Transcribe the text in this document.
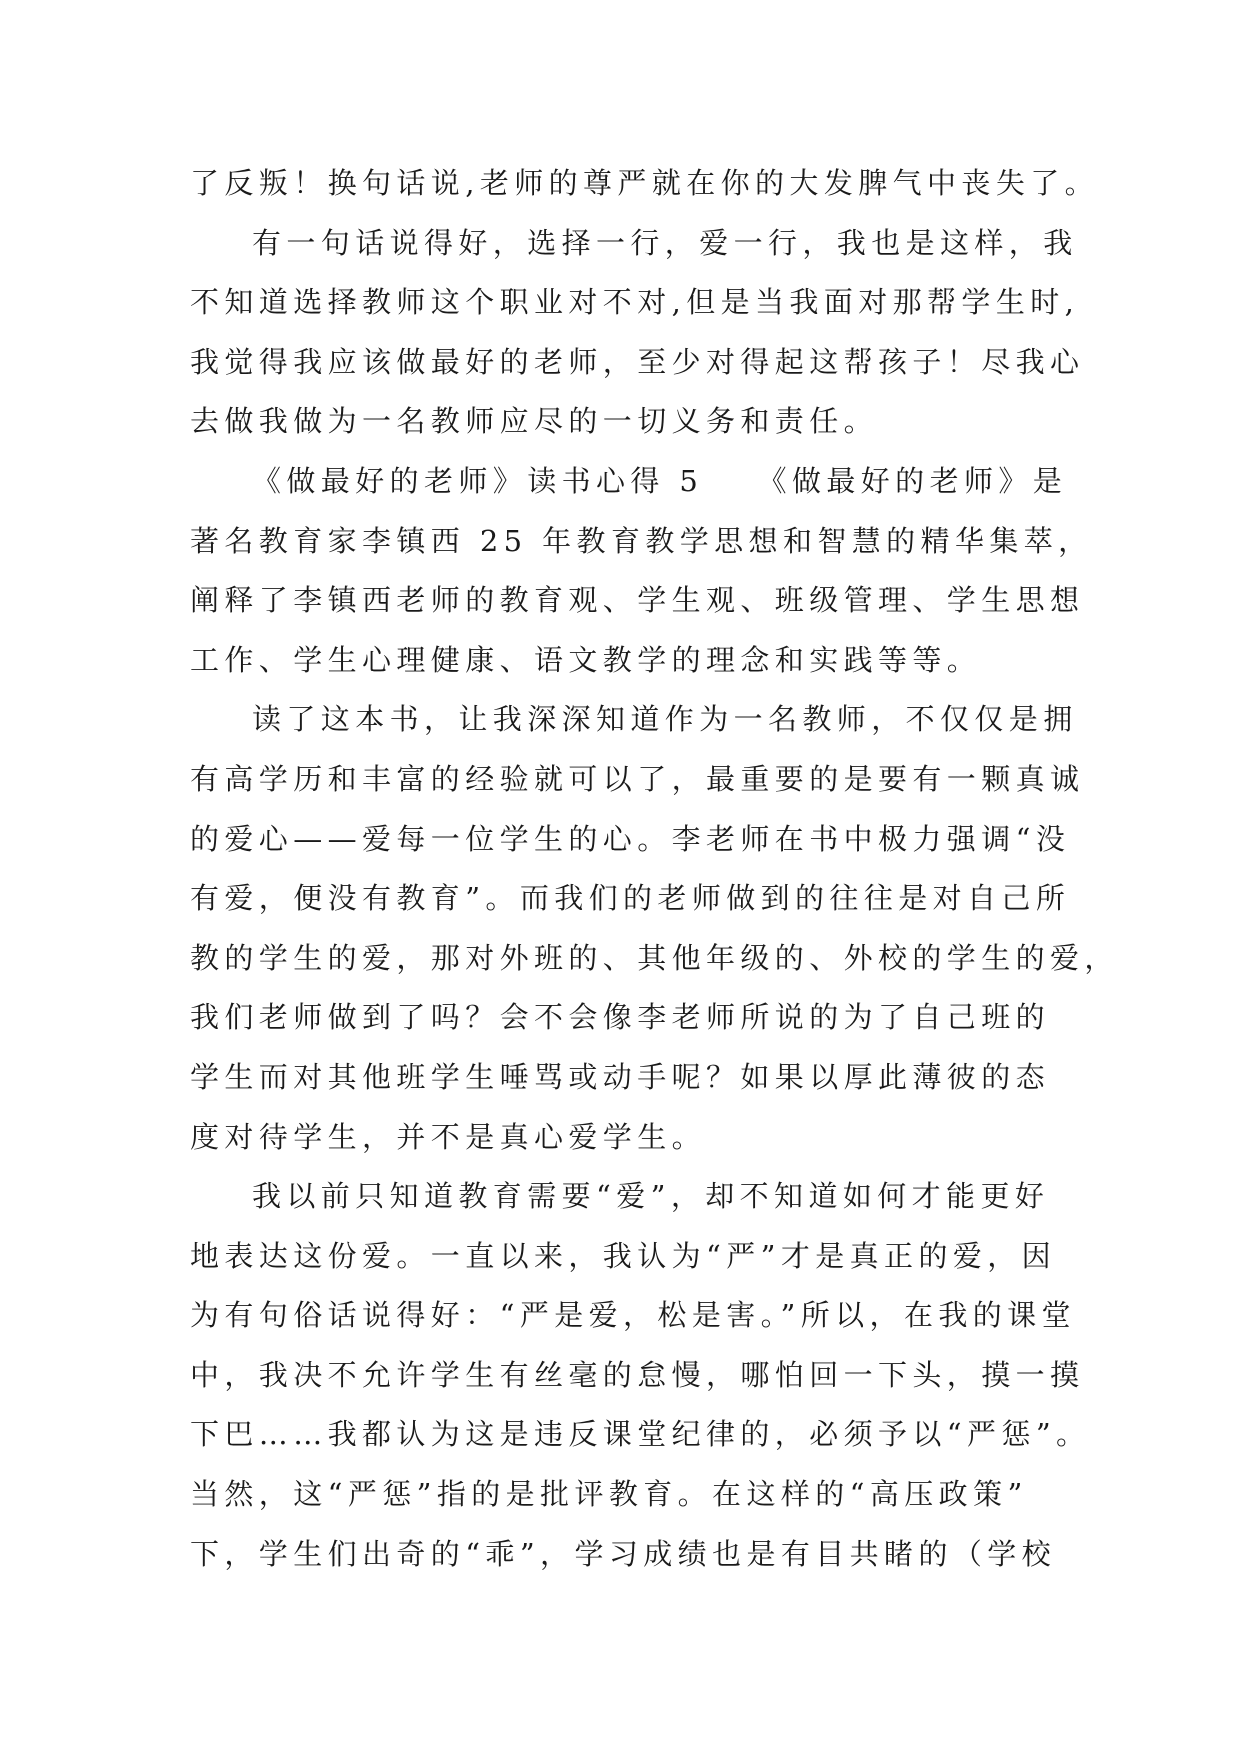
了反叛！换句话说,老师的尊严就在你的大发脾气中丧失了。
有一句话说得好，选择一行，爱一行，我也是这样，我
不知道选择教师这个职业对不对,但是当我面对那帮学生时,
我觉得我应该做最好的老师，至少对得起这帮孩子！尽我心
去做我做为一名教师应尽的一切义务和责任。
《做最好的老师》读书心得 5　　《做最好的老师》是
著名教育家李镇西 25 年教育教学思想和智慧的精华集萃，
阐释了李镇西老师的教育观、学生观、班级管理、学生思想
工作、学生心理健康、语文教学的理念和实践等等。
读了这本书，让我深深知道作为一名教师，不仅仅是拥
有高学历和丰富的经验就可以了，最重要的是要有一颗真诚
的爱心——爱每一位学生的心。李老师在书中极力强调“没
有爱，便没有教育”。而我们的老师做到的往往是对自己所
教的学生的爱，那对外班的、其他年级的、外校的学生的爱，
我们老师做到了吗？会不会像李老师所说的为了自己班的
学生而对其他班学生唾骂或动手呢？如果以厚此薄彼的态
度对待学生，并不是真心爱学生。
我以前只知道教育需要“爱”，却不知道如何才能更好
地表达这份爱。一直以来，我认为“严”才是真正的爱，因
为有句俗话说得好：“严是爱，松是害。”所以，在我的课堂
中，我决不允许学生有丝毫的怠慢，哪怕回一下头，摸一摸
下巴……我都认为这是违反课堂纪律的，必须予以“严惩”。
当然，这“严惩”指的是批评教育。在这样的“高压政策”
下，学生们出奇的“乖”，学习成绩也是有目共睹的（学校
